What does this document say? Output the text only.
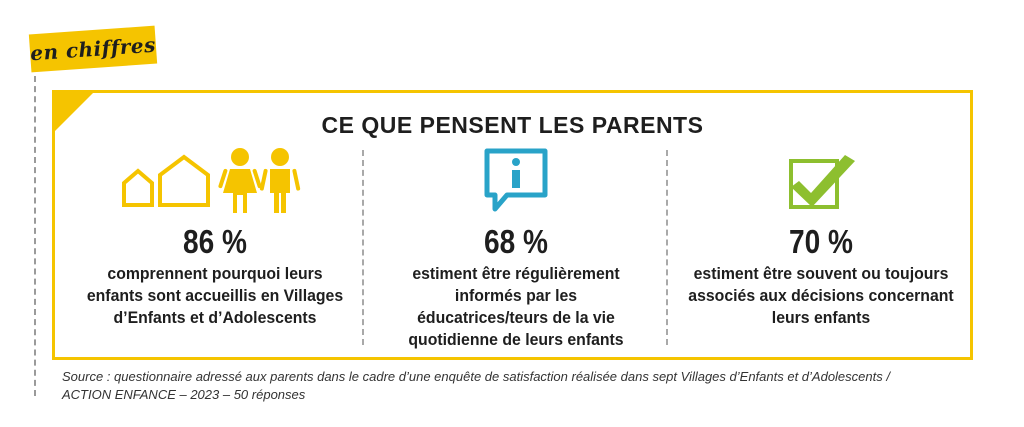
en chiffres
CE QUE PENSENT LES PARENTS
86 %
comprennent pourquoi leurs
enfants sont accueillis en Villages
d’Enfants et d’Adolescents
68 %
estiment être régulièrement
informés par les
éducatrices/teurs de la vie
quotidienne de leurs enfants
70 %
estiment être souvent ou toujours
associés aux décisions concernant
leurs enfants
Source : questionnaire adressé aux parents dans le cadre d’une enquête de satisfaction réalisée dans sept Villages d’Enfants et d’Adolescents /
ACTION ENFANCE – 2023 – 50 réponses
